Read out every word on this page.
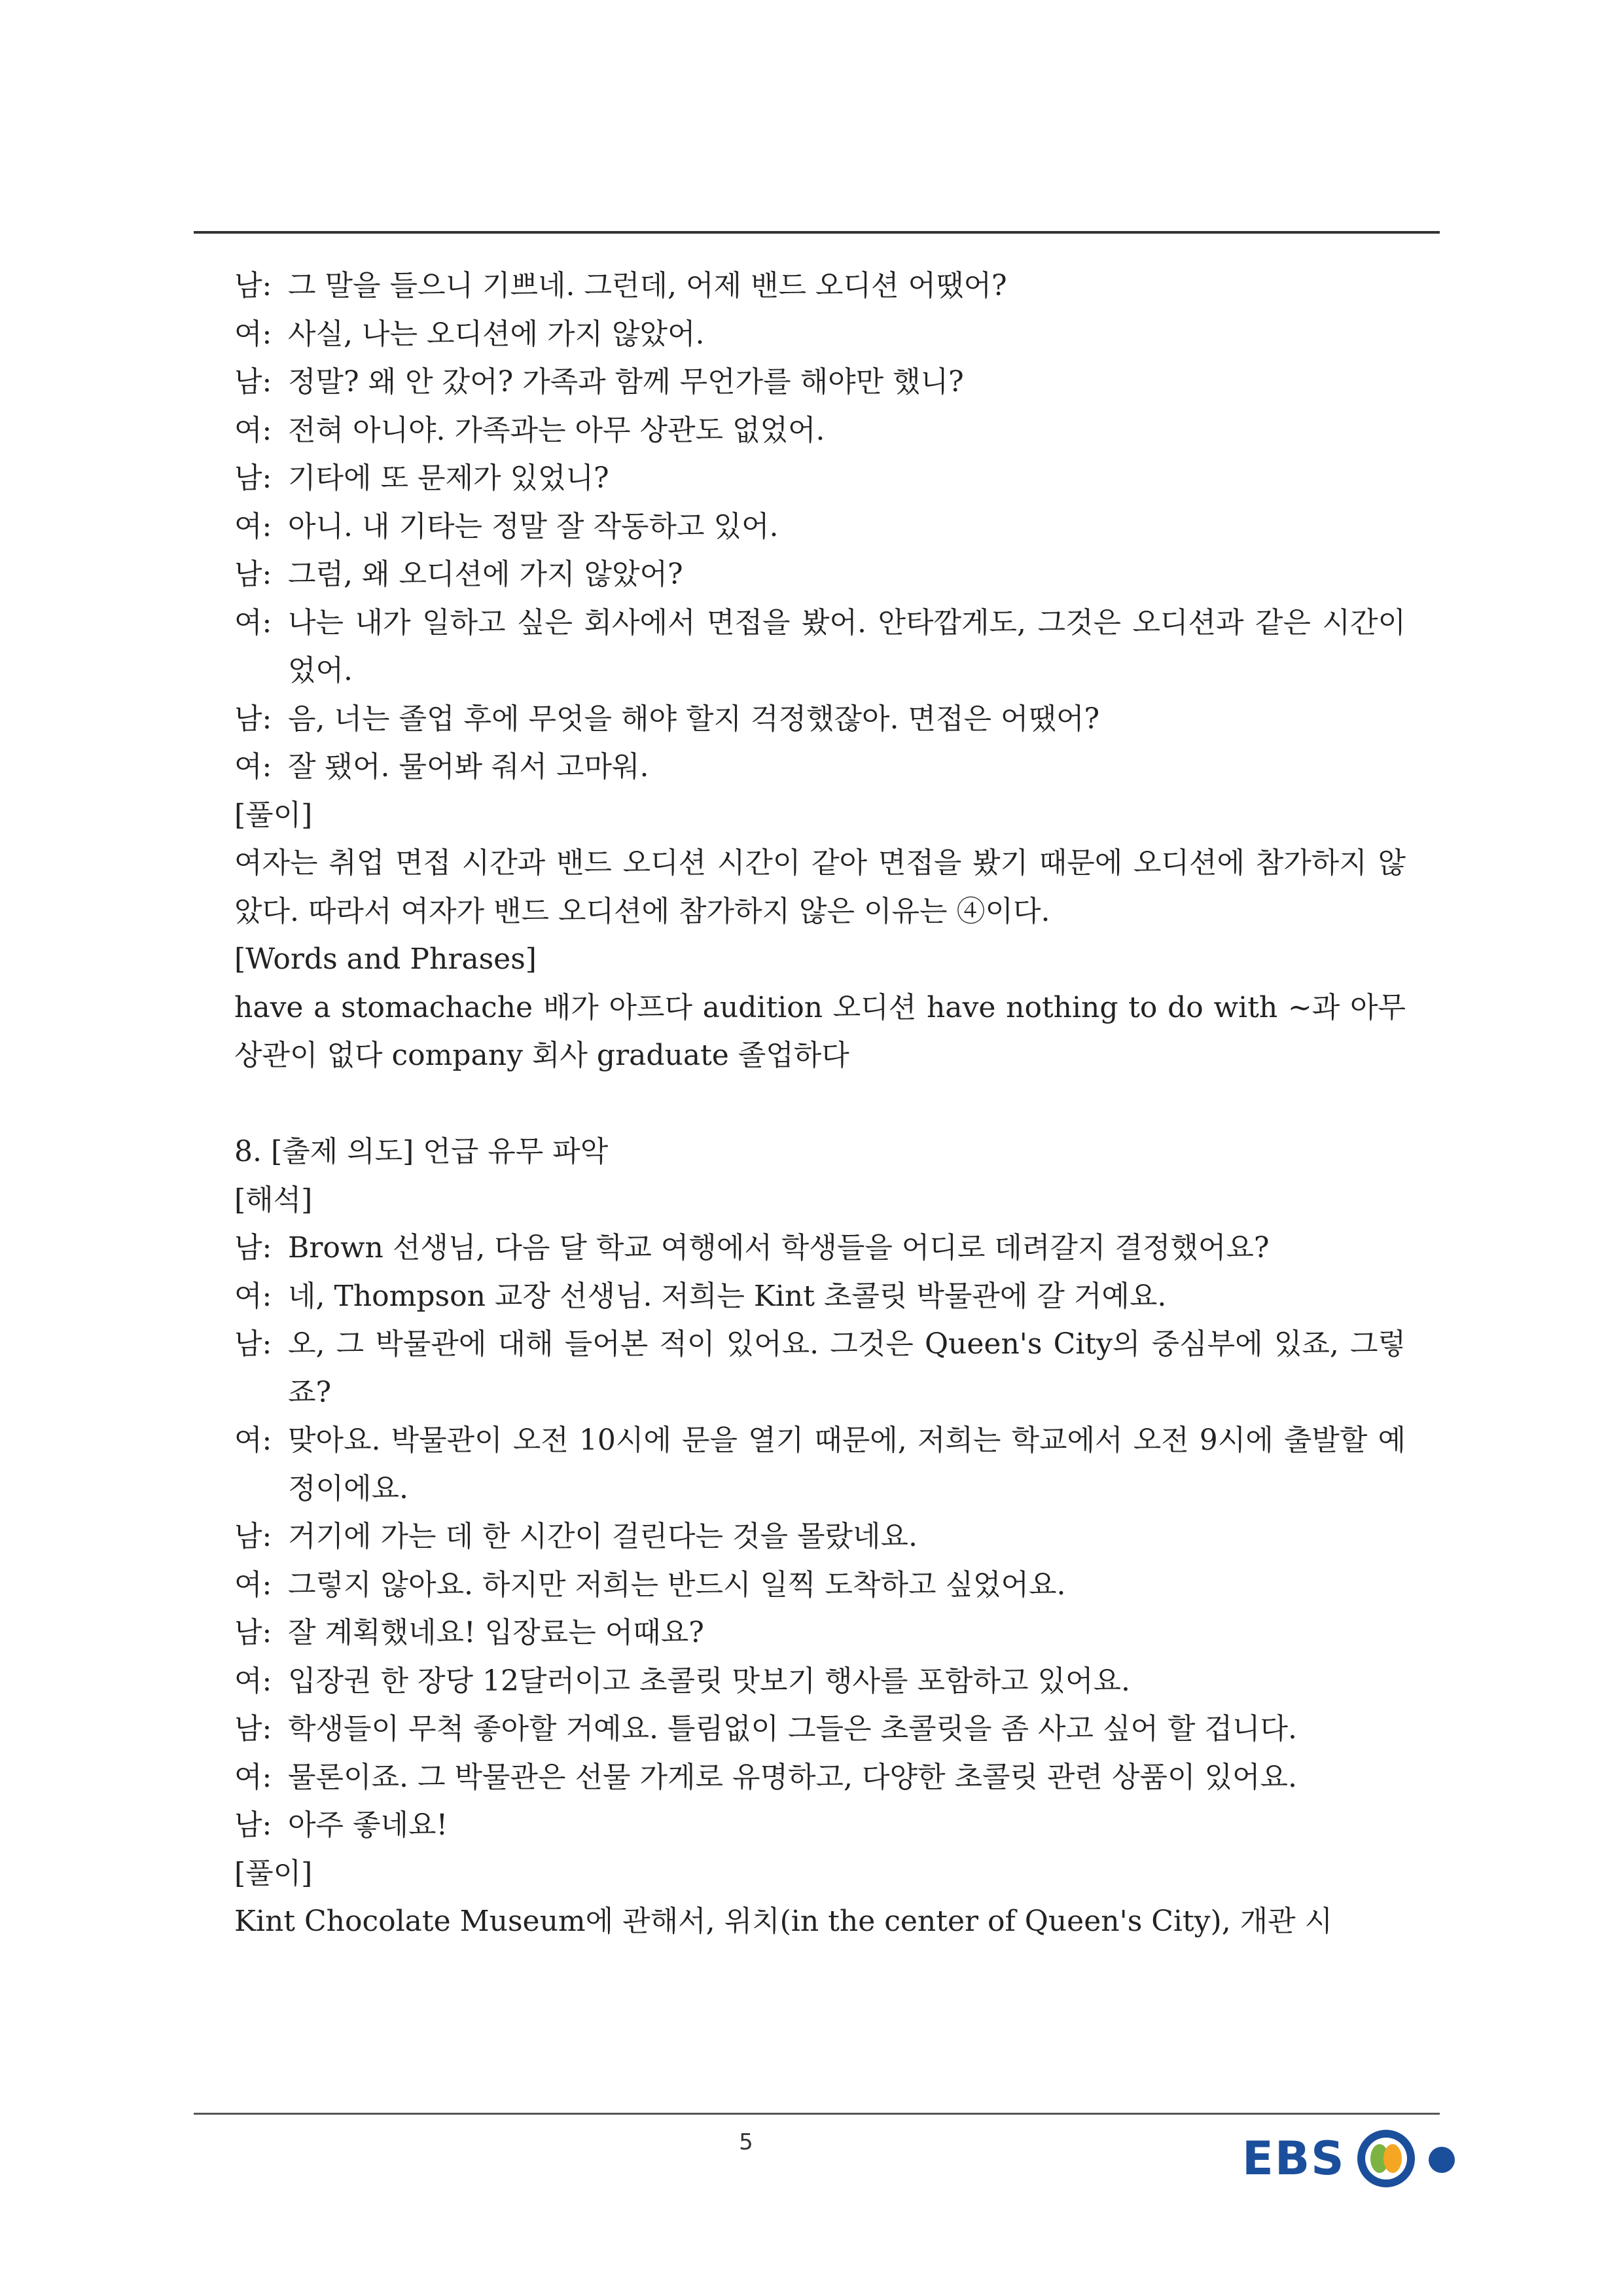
남: 그 말을 들으니 기쁘네. 그런데, 어제 밴드 오디션 어땠어?
여: 사실, 나는 오디션에 가지 않았어.
남: 정말? 왜 안 갔어? 가족과 함께 무언가를 해야만 했니?
여: 전혀 아니야. 가족과는 아무 상관도 없었어.
남: 기타에 또 문제가 있었니?
여: 아니. 내 기타는 정말 잘 작동하고 있어.
남: 그럼, 왜 오디션에 가지 않았어?
여: 나는 내가 일하고 싶은 회사에서 면접을 봤어. 안타깝게도, 그것은 오디션과 같은 시간이었어.
남: 음, 너는 졸업 후에 무엇을 해야 할지 걱정했잖아. 면접은 어땠어?
여: 잘 됐어. 물어봐 줘서 고마워.
[풀이]
여자는 취업 면접 시간과 밴드 오디션 시간이 같아 면접을 봤기 때문에 오디션에 참가하지 않았다. 따라서 여자가 밴드 오디션에 참가하지 않은 이유는 ④이다.
[Words and Phrases]
have a stomachache 배가 아프다 audition 오디션 have nothing to do with ~과 아무 상관이 없다 company 회사 graduate 졸업하다
8. [출제 의도] 언급 유무 파악
[해석]
남: Brown 선생님, 다음 달 학교 여행에서 학생들을 어디로 데려갈지 결정했어요?
여: 네, Thompson 교장 선생님. 저희는 Kint 초콜릿 박물관에 갈 거예요.
남: 오, 그 박물관에 대해 들어본 적이 있어요. 그것은 Queen's City의 중심부에 있죠, 그렇죠?
여: 맞아요. 박물관이 오전 10시에 문을 열기 때문에, 저희는 학교에서 오전 9시에 출발할 예정이에요.
남: 거기에 가는 데 한 시간이 걸린다는 것을 몰랐네요.
여: 그렇지 않아요. 하지만 저희는 반드시 일찍 도착하고 싶었어요.
남: 잘 계획했네요! 입장료는 어때요?
여: 입장권 한 장당 12달러이고 초콜릿 맛보기 행사를 포함하고 있어요.
남: 학생들이 무척 좋아할 거예요. 틀림없이 그들은 초콜릿을 좀 사고 싶어 할 겁니다.
여: 물론이죠. 그 박물관은 선물 가게로 유명하고, 다양한 초콜릿 관련 상품이 있어요.
남: 아주 좋네요!
[풀이]
Kint Chocolate Museum에 관해서, 위치(in the center of Queen's City), 개관 시
5	EBS
